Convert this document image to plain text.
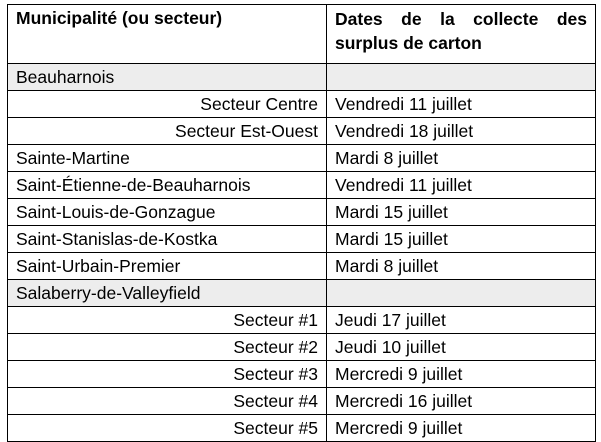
Municipalité (ou secteur)	Dates de la collecte des surplus de carton
Beauharnois	
Secteur Centre	Vendredi 11 juillet
Secteur Est-Ouest	Vendredi 18 juillet
Sainte-Martine	Mardi 8 juillet
Saint-Étienne-de-Beauharnois	Vendredi 11 juillet
Saint-Louis-de-Gonzague	Mardi 15 juillet
Saint-Stanislas-de-Kostka	Mardi 15 juillet
Saint-Urbain-Premier	Mardi 8 juillet
Salaberry-de-Valleyfield	
Secteur #1	Jeudi 17 juillet
Secteur #2	Jeudi 10 juillet
Secteur #3	Mercredi 9 juillet
Secteur #4	Mercredi 16 juillet
Secteur #5	Mercredi 9 juillet
